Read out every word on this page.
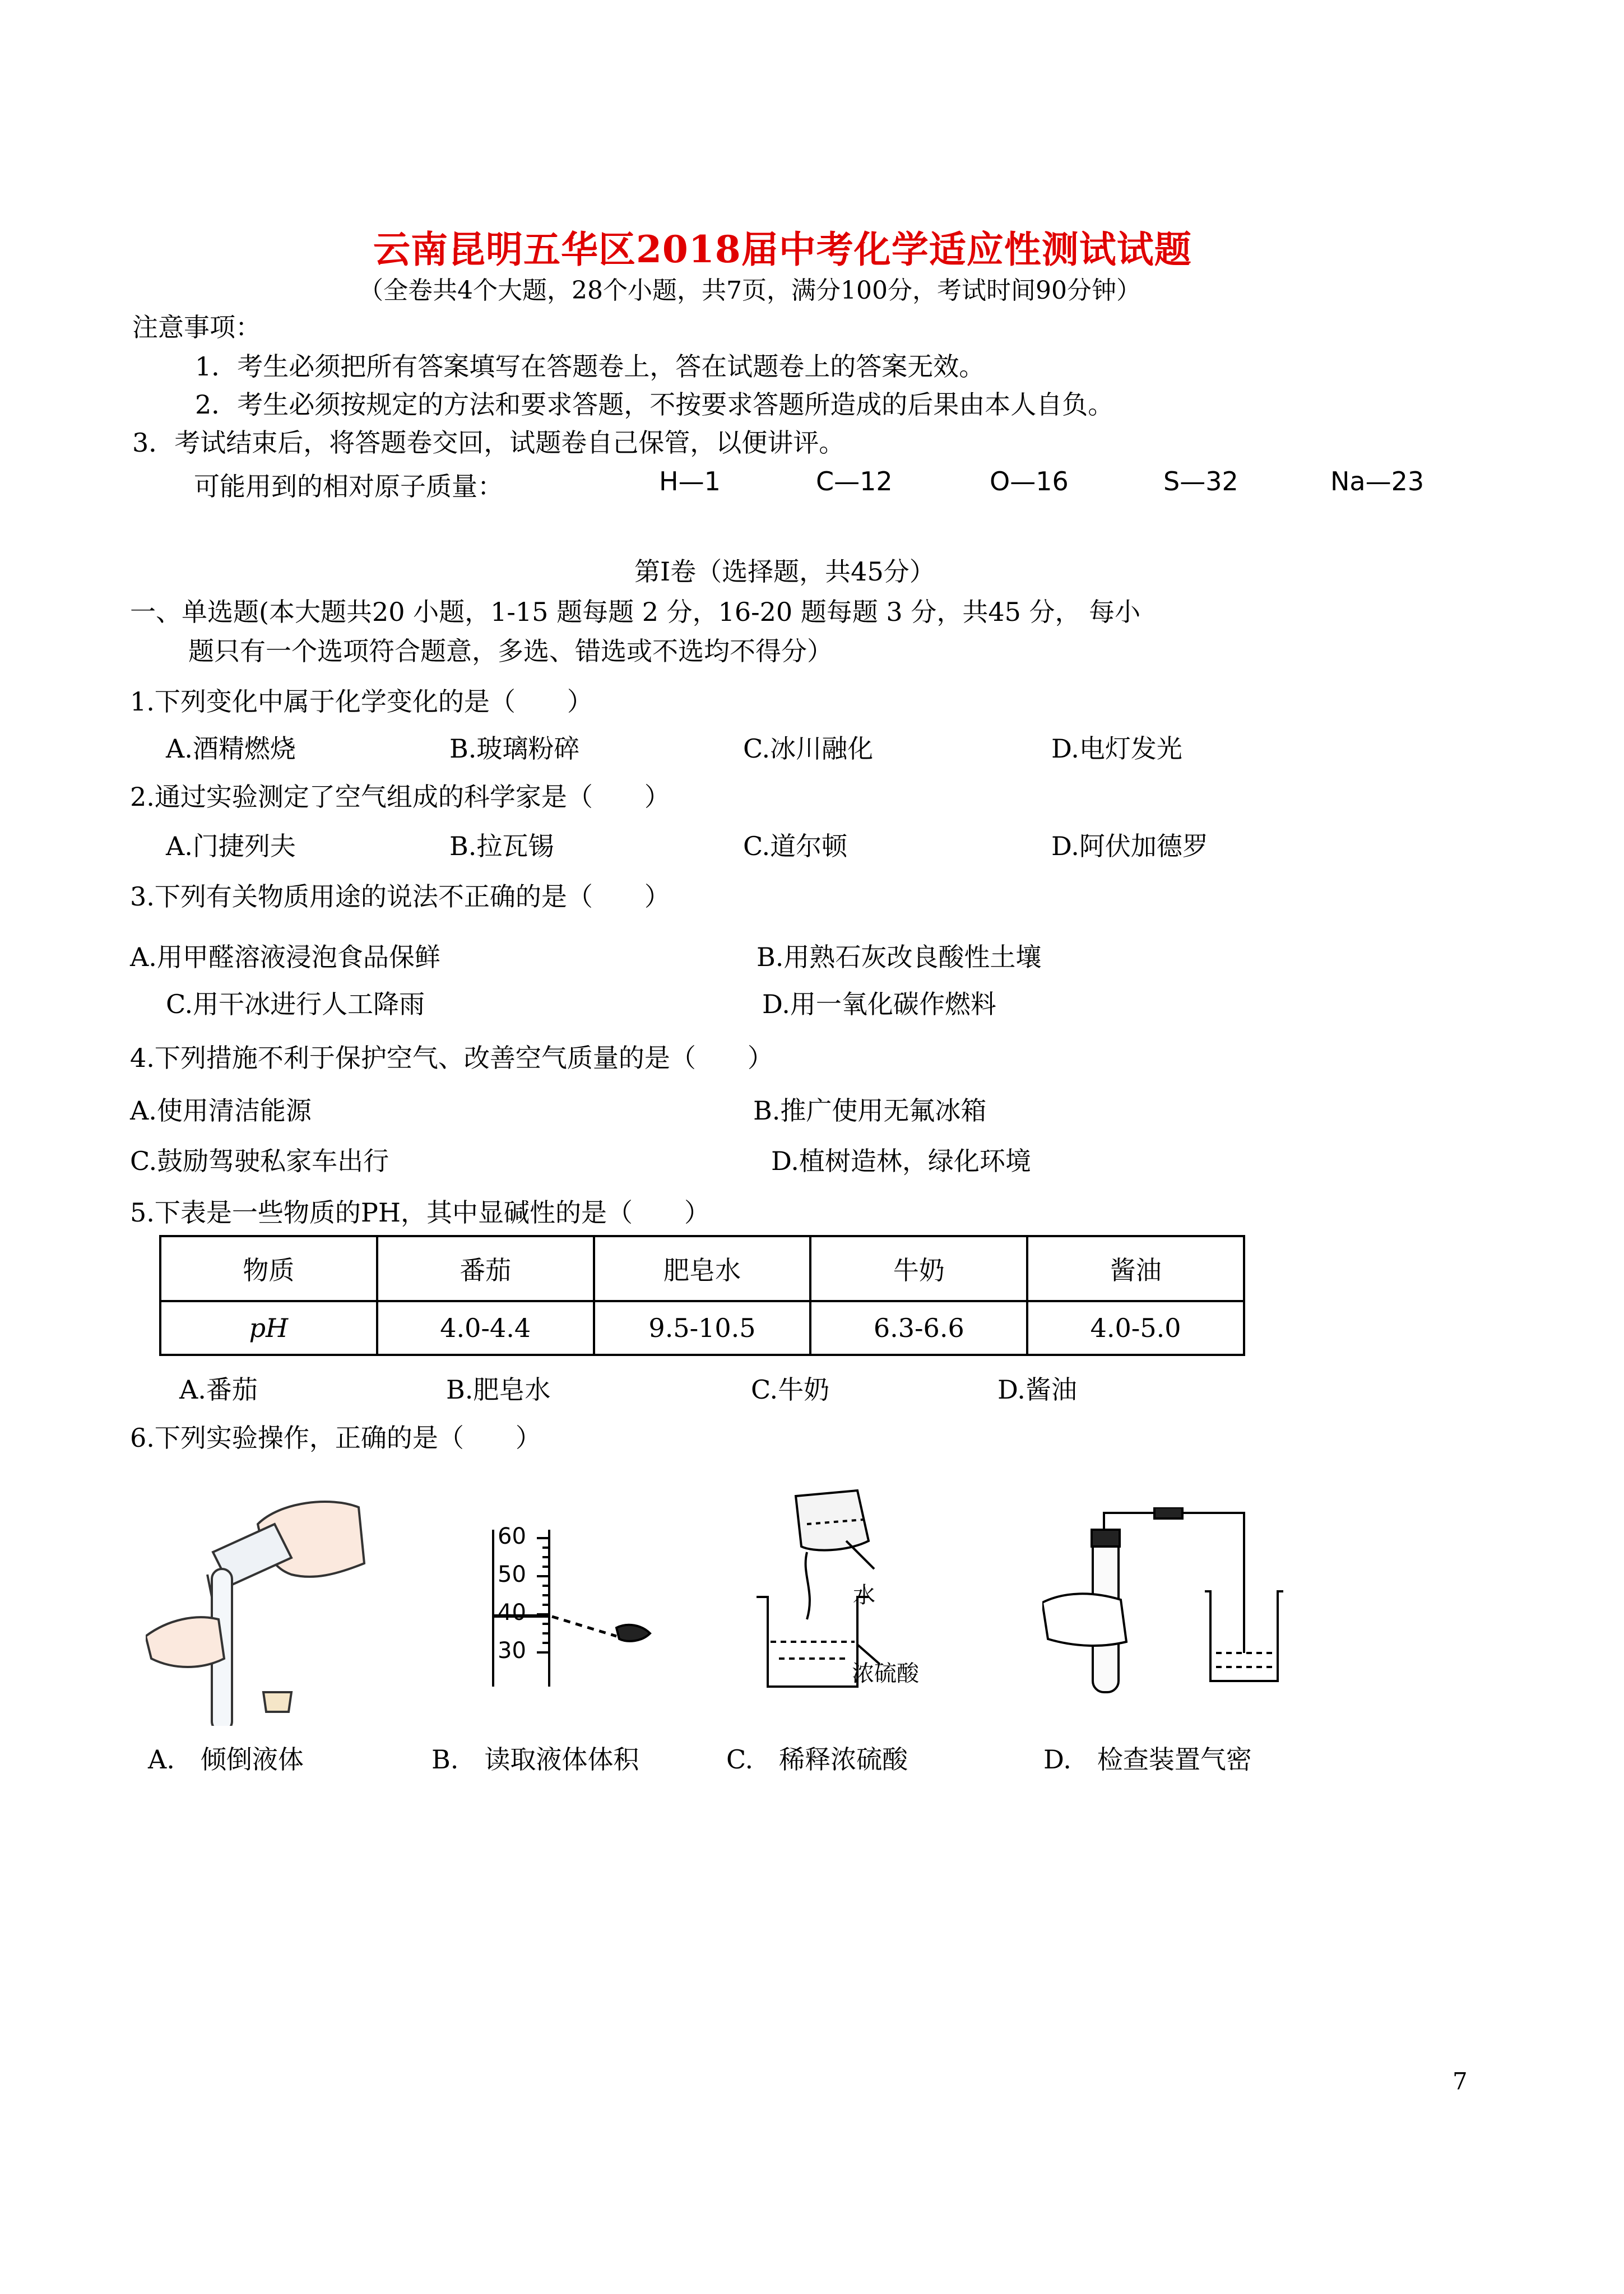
云南昆明五华区2018届中考化学适应性测试试题
（全卷共4个大题，28个小题，共7页，满分100分，考试时间90分钟）
注意事项：
1．考生必须把所有答案填写在答题卷上，答在试题卷上的答案无效。
2．考生必须按规定的方法和要求答题，不按要求答题所造成的后果由本人自负。
3．考试结束后，将答题卷交回，试题卷自己保管，以便讲评。
可能用到的相对原子质量：	H—1	C—12	O—16	S—32	Na—23
第Ⅰ卷（选择题，共45分）
一、单选题(本大题共20 小题，1-15 题每题 2 分，16-20 题每题 3 分，共45 分， 每小
题只有一个选项符合题意，多选、错选或不选均不得分）
1.下列变化中属于化学变化的是（　　）
A.酒精燃烧	B.玻璃粉碎	C.冰川融化	D.电灯发光
2.通过实验测定了空气组成的科学家是（　　）
A.门捷列夫	B.拉瓦锡	C.道尔顿	D.阿伏加德罗
3.下列有关物质用途的说法不正确的是（　　）
A.用甲醛溶液浸泡食品保鲜	B.用熟石灰改良酸性土壤
C.用干冰进行人工降雨	D.用一氧化碳作燃料
4.下列措施不利于保护空气、改善空气质量的是（　　）
A.使用清洁能源	B.推广使用无氟冰箱
C.鼓励驾驶私家车出行	D.植树造林，绿化环境
5.下表是一些物质的PH，其中显碱性的是（　　）
物质	番茄	肥皂水	牛奶	酱油
pH	4.0-4.4	9.5-10.5	6.3-6.6	4.0-5.0
A.番茄	B.肥皂水	C.牛奶	D.酱油
6.下列实验操作，正确的是（　　）
60
50
40
30
水
浓硫酸
A.　倾倒液体	B.　读取液体体积	C.　稀释浓硫酸	D.　检查装置气密
7
